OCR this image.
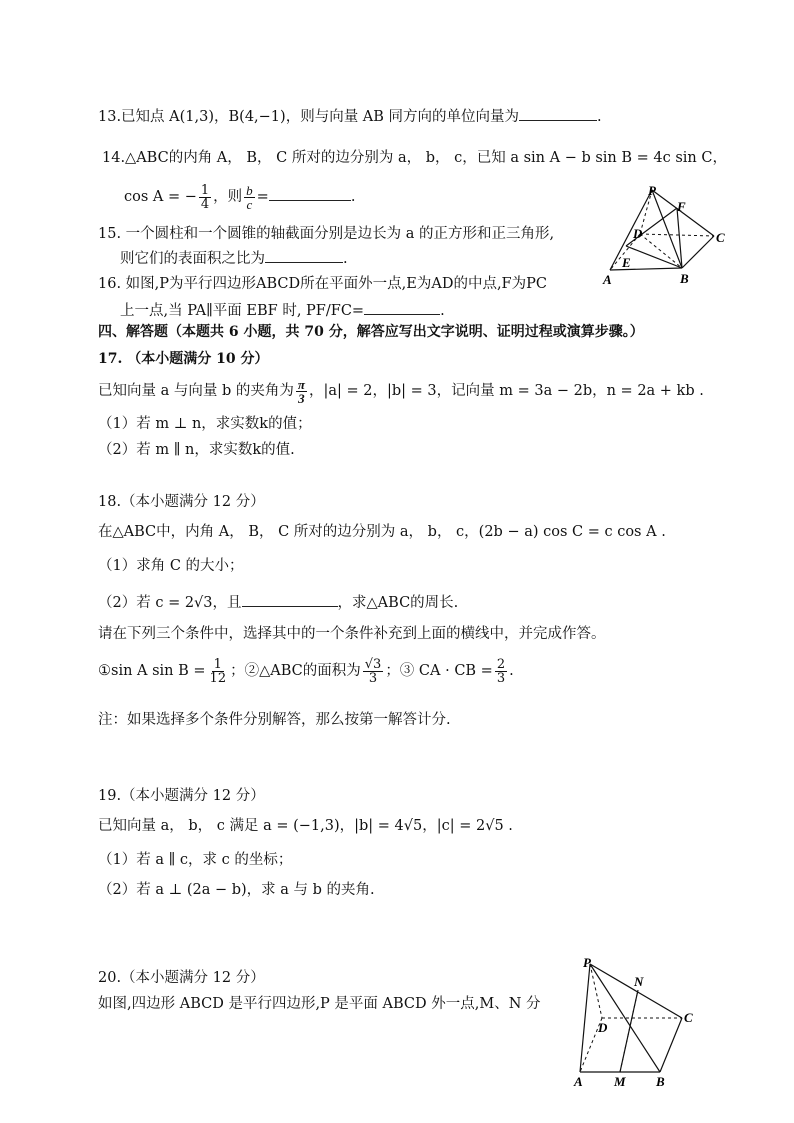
13.已知点 A(1,3)，B(4,−1)，则与向量 AB 同方向的单位向量为	.
14.△ABC的内角 A， B， C 所对的边分别为 a， b， c，已知 a sin A − b sin B = 4c sin C，
cos A = − $\frac{1}{4}$ ，则 $\frac{b}{c}$ =	.
15. 一个圆柱和一个圆锥的轴截面分别是边长为 a 的正方形和正三角形,
则它们的表面积之比为	.
16. 如图,P为平行四边形ABCD所在平面外一点,E为AD的中点,F为PC
上一点,当 PA∥平面 EBF 时, PF/FC=	.
P
F
D	C
E
A	B
四、解答题（本题共 6 小题，共 70 分，解答应写出文字说明、证明过程或演算步骤。）
17. （本小题满分 10 分）
已知向量 a 与向量 b 的夹角为 $\frac{\pi}{3}$ ，|a| = 2，|b| = 3，记向量 m = 3a − 2b，n = 2a + kb .
（1）若 m ⊥ n，求实数k的值；
（2）若 m ∥ n，求实数k的值.
18.（本小题满分 12 分）
在△ABC中，内角 A， B， C 所对的边分别为 a， b， c，(2b − a) cos C = c cos A .
（1）求角 C 的大小；
（2）若 c = 2√3，且	，求△ABC的周长.
请在下列三个条件中，选择其中的一个条件补充到上面的横线中，并完成作答。
①sin A $\sin B = \frac{1}{12}$ ；②△ABC的面积为 $\frac{√3}{3}$ ；③ CA · CB = $\frac{2}{3}$ .
注：如果选择多个条件分别解答，那么按第一解答计分.
19.（本小题满分 12 分）
已知向量 a， b， c 满足 a = (−1,3)，|b| = 4√5，|c| = 2√5 .
（1）若 a ∥ c，求 c 的坐标；
（2）若 a ⊥ (2a − b)，求 a 与 b 的夹角.
20.（本小题满分 12 分）
如图,四边形 ABCD 是平行四边形,P 是平面 ABCD 外一点,M、N 分
P
N
D
C
A M B
